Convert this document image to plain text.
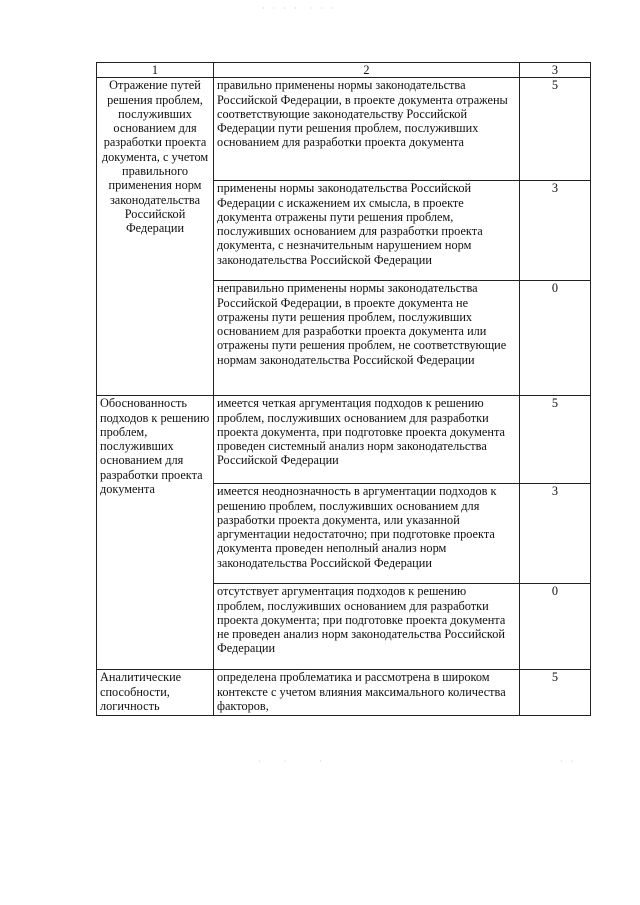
· · · ·  · · ·
1	2	3
Отражение путей решения проблем, послуживших основанием для разработки проекта документа, с учетом правильного применения норм законодательства Российской Федерации	правильно применены нормы законодательства Российской Федерации, в проекте документа отражены соответствующие законодательству Российской Федерации пути решения проблем, послуживших основанием для разработки проекта документа	5
	применены нормы законодательства Российской Федерации с искажением их смысла, в проекте документа отражены пути решения проблем, послуживших основанием для разработки проекта документа, с незначительным нарушением норм законодательства Российской Федерации	3
	неправильно применены нормы законодательства Российской Федерации, в проекте документа не отражены пути решения проблем, послуживших основанием для разработки проекта документа или отражены пути решения проблем, не соответствующие нормам законодательства Российской Федерации	0
Обоснованность подходов к решению проблем, послуживших основанием для разработки проекта документа	имеется четкая аргументация подходов к решению проблем, послуживших основанием для разработки проекта документа, при подготовке проекта документа проведен системный анализ норм законодательства Российской Федерации	5
	имеется неоднозначность в аргументации подходов к решению проблем, послуживших основанием для разработки проекта документа, или указанной аргументации недостаточно; при подготовке проекта документа проведен неполный анализ норм законодательства Российской Федерации	3
	отсутствует аргументация подходов к решению проблем, послуживших основанием для разработки проекта документа; при подготовке проекта документа не проведен анализ норм законодательства Российской Федерации	0
Аналитические способности, логичность	определена проблематика и рассмотрена в широком контексте с учетом влияния максимального количества факторов,	5
·    ·      ·	· ·
